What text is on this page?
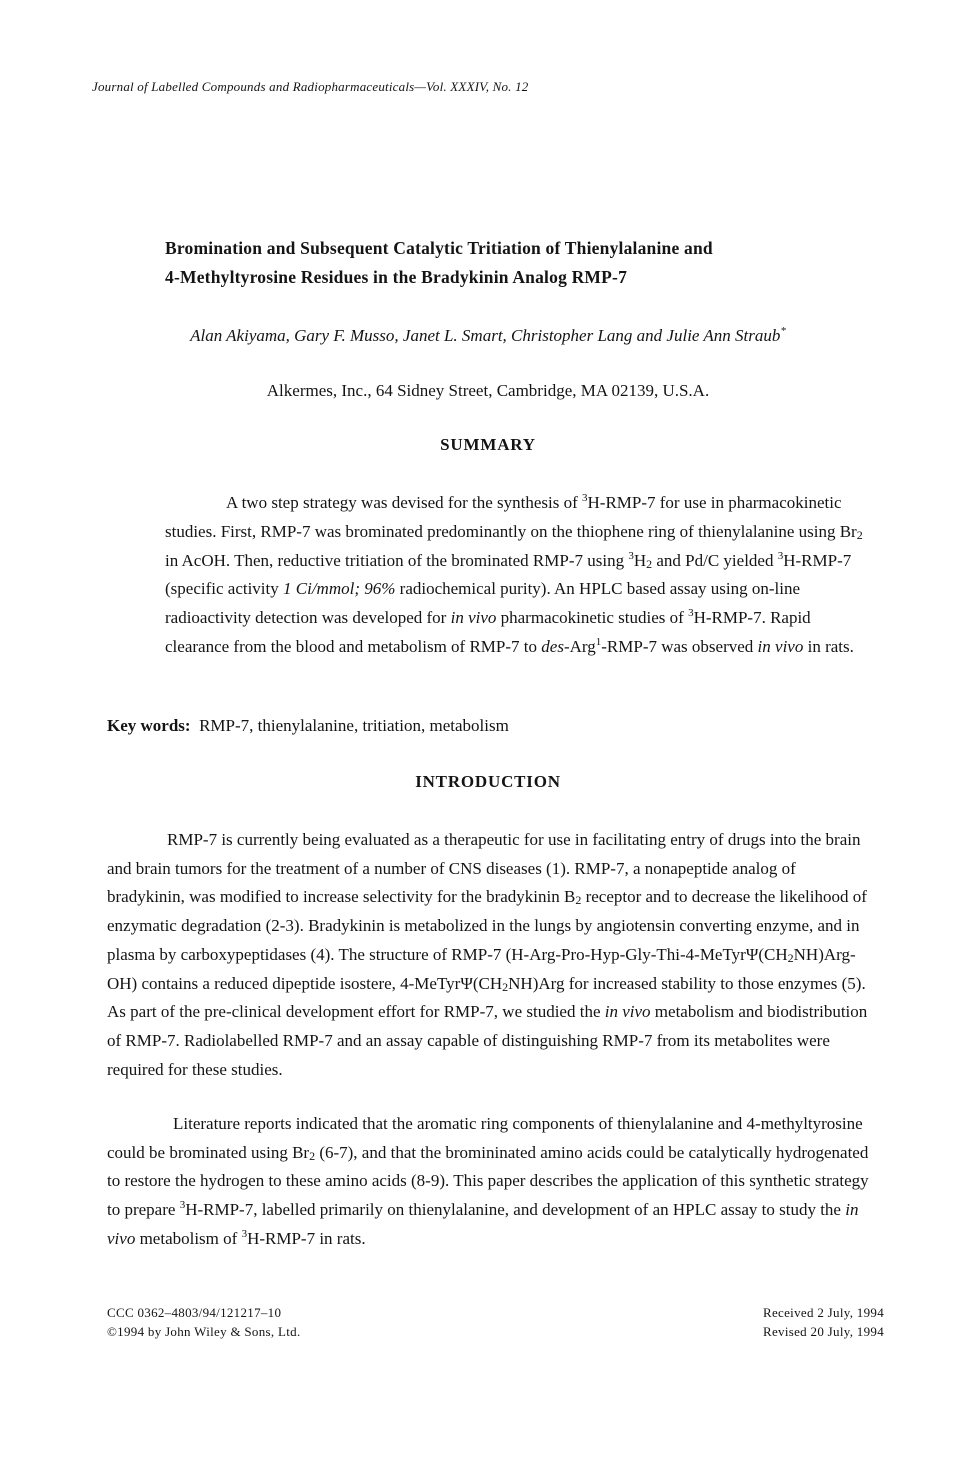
Journal of Labelled Compounds and Radiopharmaceuticals—Vol. XXXIV, No. 12
Bromination and Subsequent Catalytic Tritiation of Thienylalanine and
4-Methyltyrosine Residues in the Bradykinin Analog RMP-7
Alan Akiyama, Gary F. Musso, Janet L. Smart, Christopher Lang and Julie Ann Straub*
Alkermes, Inc., 64 Sidney Street, Cambridge, MA 02139, U.S.A.
SUMMARY
A two step strategy was devised for the synthesis of $^3$H-RMP-7 for use in pharmacokinetic studies. First, RMP-7 was brominated predominantly on the thiophene ring of thienylalanine using $Br_2$ in AcOH. Then, reductive tritiation of the brominated RMP-7 using $^3H_2$ and Pd/C yielded $^3$H-RMP-7 (specific activity 1 Ci/mmol; 96% radiochemical purity). An HPLC based assay using on-line radioactivity detection was developed for in vivo pharmacokinetic studies of $^3$H-RMP-7. Rapid clearance from the blood and metabolism of RMP-7 to des-Arg$^1$-RMP-7 was observed in vivo in rats.
Key words: RMP-7, thienylalanine, tritiation, metabolism
INTRODUCTION
RMP-7 is currently being evaluated as a therapeutic for use in facilitating entry of drugs into the brain and brain tumors for the treatment of a number of CNS diseases (1). RMP-7, a nonapeptide analog of bradykinin, was modified to increase selectivity for the bradykinin $B_2$ receptor and to decrease the likelihood of enzymatic degradation (2-3). Bradykinin is metabolized in the lungs by angiotensin converting enzyme, and in plasma by carboxypeptidases (4). The structure of RMP-7 $(H-Arg-Pro-Hyp-Gly-Thi-4-MeTyr\Psi(CH_2NH)Arg-OH)$ contains a reduced dipeptide isostere, $4-MeTyr\Psi(CH_2NH)Arg$ for increased stability to those enzymes (5). As part of the pre-clinical development effort for RMP-7, we studied the in vivo metabolism and biodistribution of RMP-7. Radiolabelled RMP-7 and an assay capable of distinguishing RMP-7 from its metabolites were required for these studies.
Literature reports indicated that the aromatic ring components of thienylalanine and 4-methyltyrosine could be brominated using $Br_2$ (6-7), and that the bromininated amino acids could be catalytically hydrogenated to restore the hydrogen to these amino acids (8-9). This paper describes the application of this synthetic strategy to prepare $^3$H-RMP-7, labelled primarily on thienylalanine, and development of an HPLC assay to study the in vivo metabolism of $^3$H-RMP-7 in rats.
CCC 0362–4803/94/121217–10
©1994 by John Wiley & Sons, Ltd.
Received 2 July, 1994
Revised 20 July, 1994
